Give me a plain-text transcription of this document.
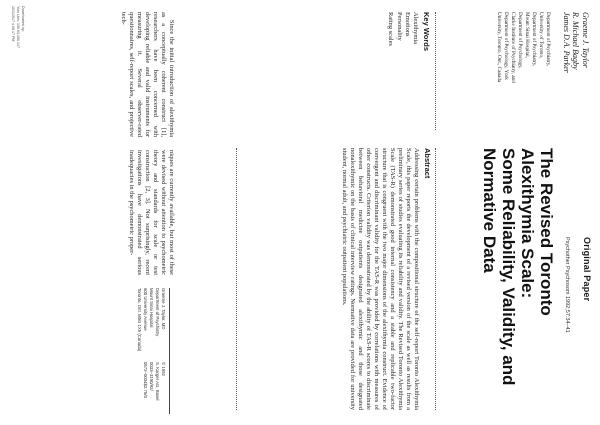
Original Paper

Psychother Psychosom 1992;57:34–41

The Revised Toronto Alexithymia Scale:

Some Reliability, Validity, and Normative Data

Graeme J. Taylor

R. Michael Bagby

James D.A. Parker

Department of Psychiatry,

University of Toronto,

Department of Psychiatry,

Mount Sinai Hospital,

Department of Psychology,

Clarke Institute of Psychiatry, and

Department of Psychology, York

University, Toronto, Ont., Canada

Key Words

Alexithymia

Emotions

Personality

Rating scales

Abstract

Addressing certain problems with the compositional structure of the self-report Toronto Alexithymia Scale, this paper reports the development of a revised version of the scale as well as results from a preliminary series of studies evaluating its reliability and validity. The Revised Toronto Alexithymia Scale (TAS-R) demonstrated good internal consistency and a stable and replicable two-factor structure that is congruent with the two major dimensions of the alexithymia construct. Evidence of convergent and discriminant validity for the TAS-R was provided by correlations with measures of other constructs. Criterion validity was demonstrated by the ability of TAS-R scores to discriminate between behavioral medicine outpatients designated alexithymic and those designated nonalexithymic on the basis of clinical interview ratings. Normative data are provided for university student, normal adult, and psychiatric outpatient populations.

Since the initial introduction of alexithymia as a conceptually coherent construct [1], researchers have been concerned with developing reliable and valid instruments for measuring it. Several observer-rated questionnaires, self-report scales, and projective tech-

niques are currently available, but most of these were devised without attention to psychometric theory and standards for scale or test construction [2, 3]. Not surprisingly, recent investigations have demonstrated serious inadequacies in the psychometric proper-

Graeme J. Taylor, MD

Department of Psychiatry

Mount Sinai Hospital

600 University Avenue

Toronto, Ont. M5G 1X5 (Canada)

© 1992

S. Karger AG, Basel

0033–3190/92/

0572–0034$2.75/0

Downloaded by:

York Univ. 130.63.180.147

10/1/2017 4:08:17 PM
